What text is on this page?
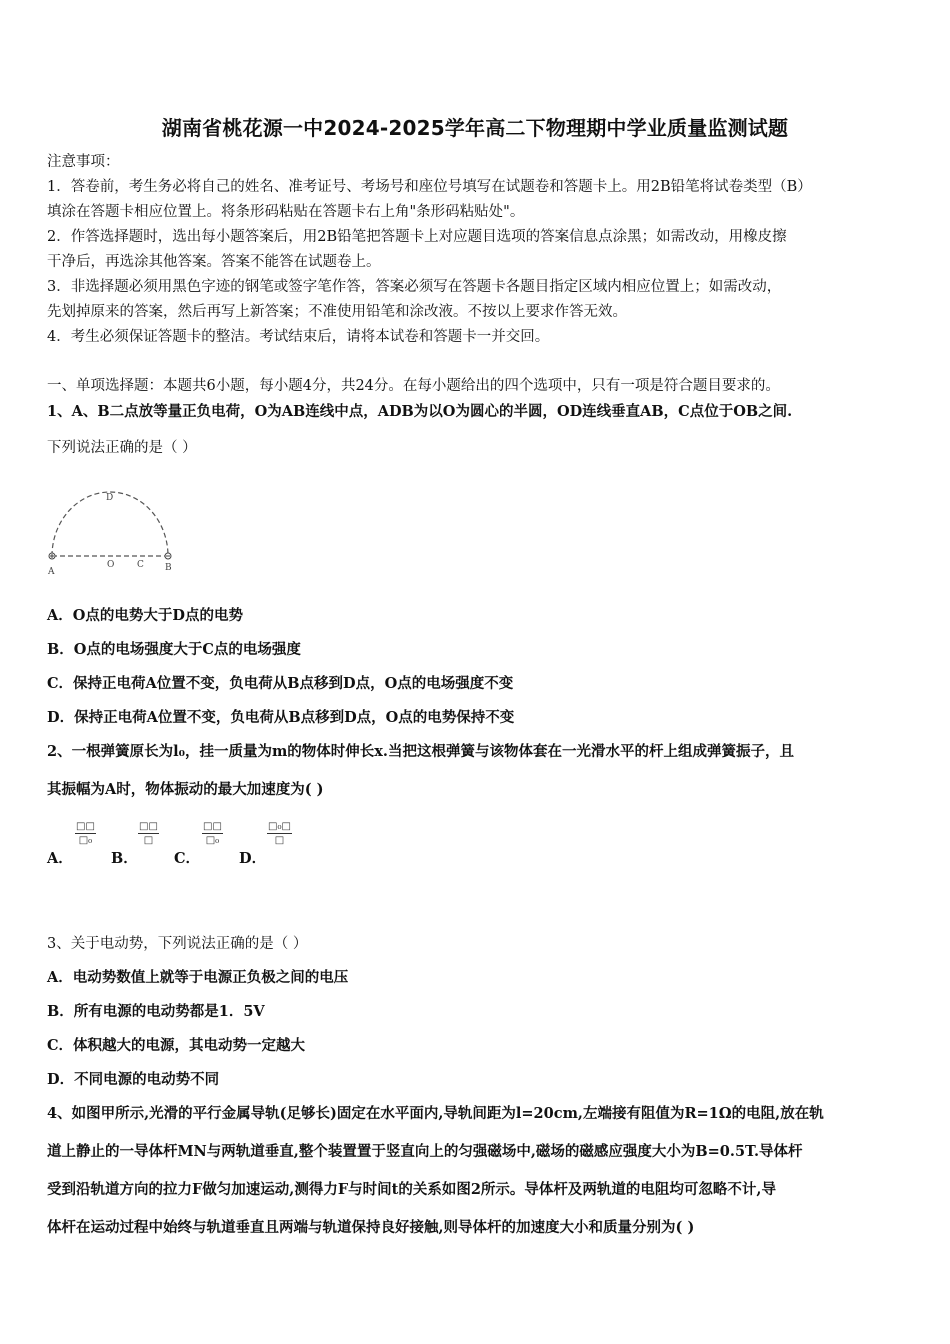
湖南省桃花源一中2024-2025学年高二下物理期中学业质量监测试题
注意事项：
1．答卷前，考生务必将自己的姓名、准考证号、考场号和座位号填写在试题卷和答题卡上。用2B铅笔将试卷类型（B）
填涂在答题卡相应位置上。将条形码粘贴在答题卡右上角"条形码粘贴处"。
2．作答选择题时，选出每小题答案后，用2B铅笔把答题卡上对应题目选项的答案信息点涂黑；如需改动，用橡皮擦
干净后，再选涂其他答案。答案不能答在试题卷上。
3．非选择题必须用黑色字迹的钢笔或签字笔作答，答案必须写在答题卡各题目指定区域内相应位置上；如需改动，
先划掉原来的答案，然后再写上新答案；不准使用铅笔和涂改液。不按以上要求作答无效。
4．考生必须保证答题卡的整洁。考试结束后，请将本试卷和答题卡一并交回。
一、单项选择题：本题共6小题，每小题4分，共24分。在每小题给出的四个选项中，只有一项是符合题目要求的。
1、A、B二点放等量正负电荷，O为AB连线中点，ADB为以O为圆心的半圆，OD连线垂直AB，C点位于OB之间.
下列说法正确的是（ ）
A
O	C B
D
A．O点的电势大于D点的电势
B．O点的电场强度大于C点的电场强度
C．保持正电荷A位置不变，负电荷从B点移到D点，O点的电场强度不变
D．保持正电荷A位置不变，负电荷从B点移到D点，O点的电势保持不变
2、一根弹簧原长为l₀，挂一质量为m的物体时伸长x.当把这根弹簧与该物体套在一光滑水平的杆上组成弹簧振子，且
其振幅为A时，物体振动的最大加速度为( )
A．
□□
□₀
B．
□□
□
C．
□□
□₀
D．
□₀□
□
3、关于电动势，下列说法正确的是（ ）
A．电动势数值上就等于电源正负极之间的电压
B．所有电源的电动势都是1．5V
C．体积越大的电源，其电动势一定越大
D．不同电源的电动势不同
4、如图甲所示,光滑的平行金属导轨(足够长)固定在水平面内,导轨间距为l=20cm,左端接有阻值为R=1Ω的电阻,放在轨
道上静止的一导体杆MN与两轨道垂直,整个装置置于竖直向上的匀强磁场中,磁场的磁感应强度大小为B=0.5T.导体杆
受到沿轨道方向的拉力F做匀加速运动,测得力F与时间t的关系如图2所示。导体杆及两轨道的电阻均可忽略不计,导
体杆在运动过程中始终与轨道垂直且两端与轨道保持良好接触,则导体杆的加速度大小和质量分别为( )
